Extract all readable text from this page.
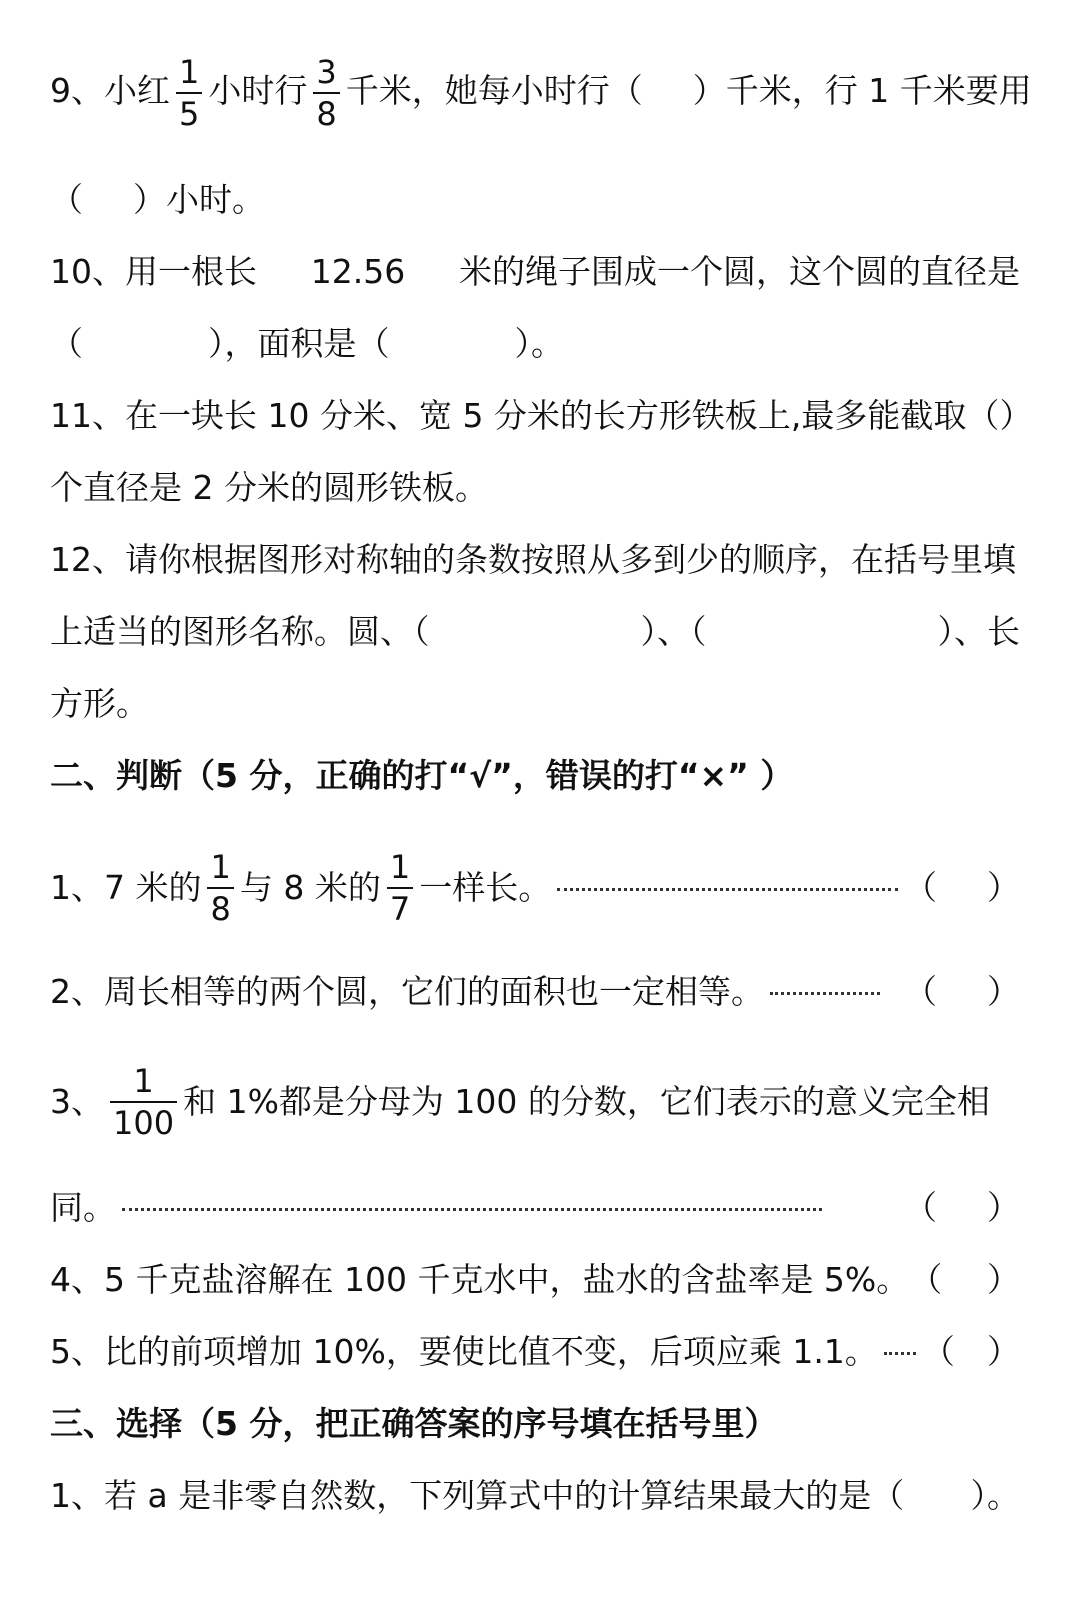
9、小红 $\frac{1}{5}$ 小时行 $\frac{3}{8}$ 千米，她每小时行（ ）千米，行 1 千米要用
（ ）小时。
10、用一根长 12.56 米的绳子围成一个圆，这个圆的直径是
（	），面积是（	）。
11、在一块长 10 分米、宽 5 分米的长方形铁板上,最多能截取（ ）
个直径是 2 分米的圆形铁板。
12、请你根据图形对称轴的条数按照从多到少的顺序，在括号里填
上适当的图形名称。圆、（	）、（	）、长
方形。
二、判断（5 分，正确的打“√”，错误的打“×” ）
1、7 米的 $\frac{1}{8}$ 与 8 米的 $\frac{1}{7}$ 一样长。	（ ）
2、周长相等的两个圆，它们的面积也一定相等。	（ ）
3、 $\frac{1}{100}$ 和 1%都是分母为 100 的分数，它们表示的意义完全相
同。	（ ）
4、5 千克盐溶解在 100 千克水中，盐水的含盐率是 5%。 （ ）
5、比的前项增加 10%，要使比值不变，后项应乘 1.1。 （ ）
三、选择（5 分，把正确答案的序号填在括号里）
1、若 a 是非零自然数，下列算式中的计算结果最大的是（ ）。
